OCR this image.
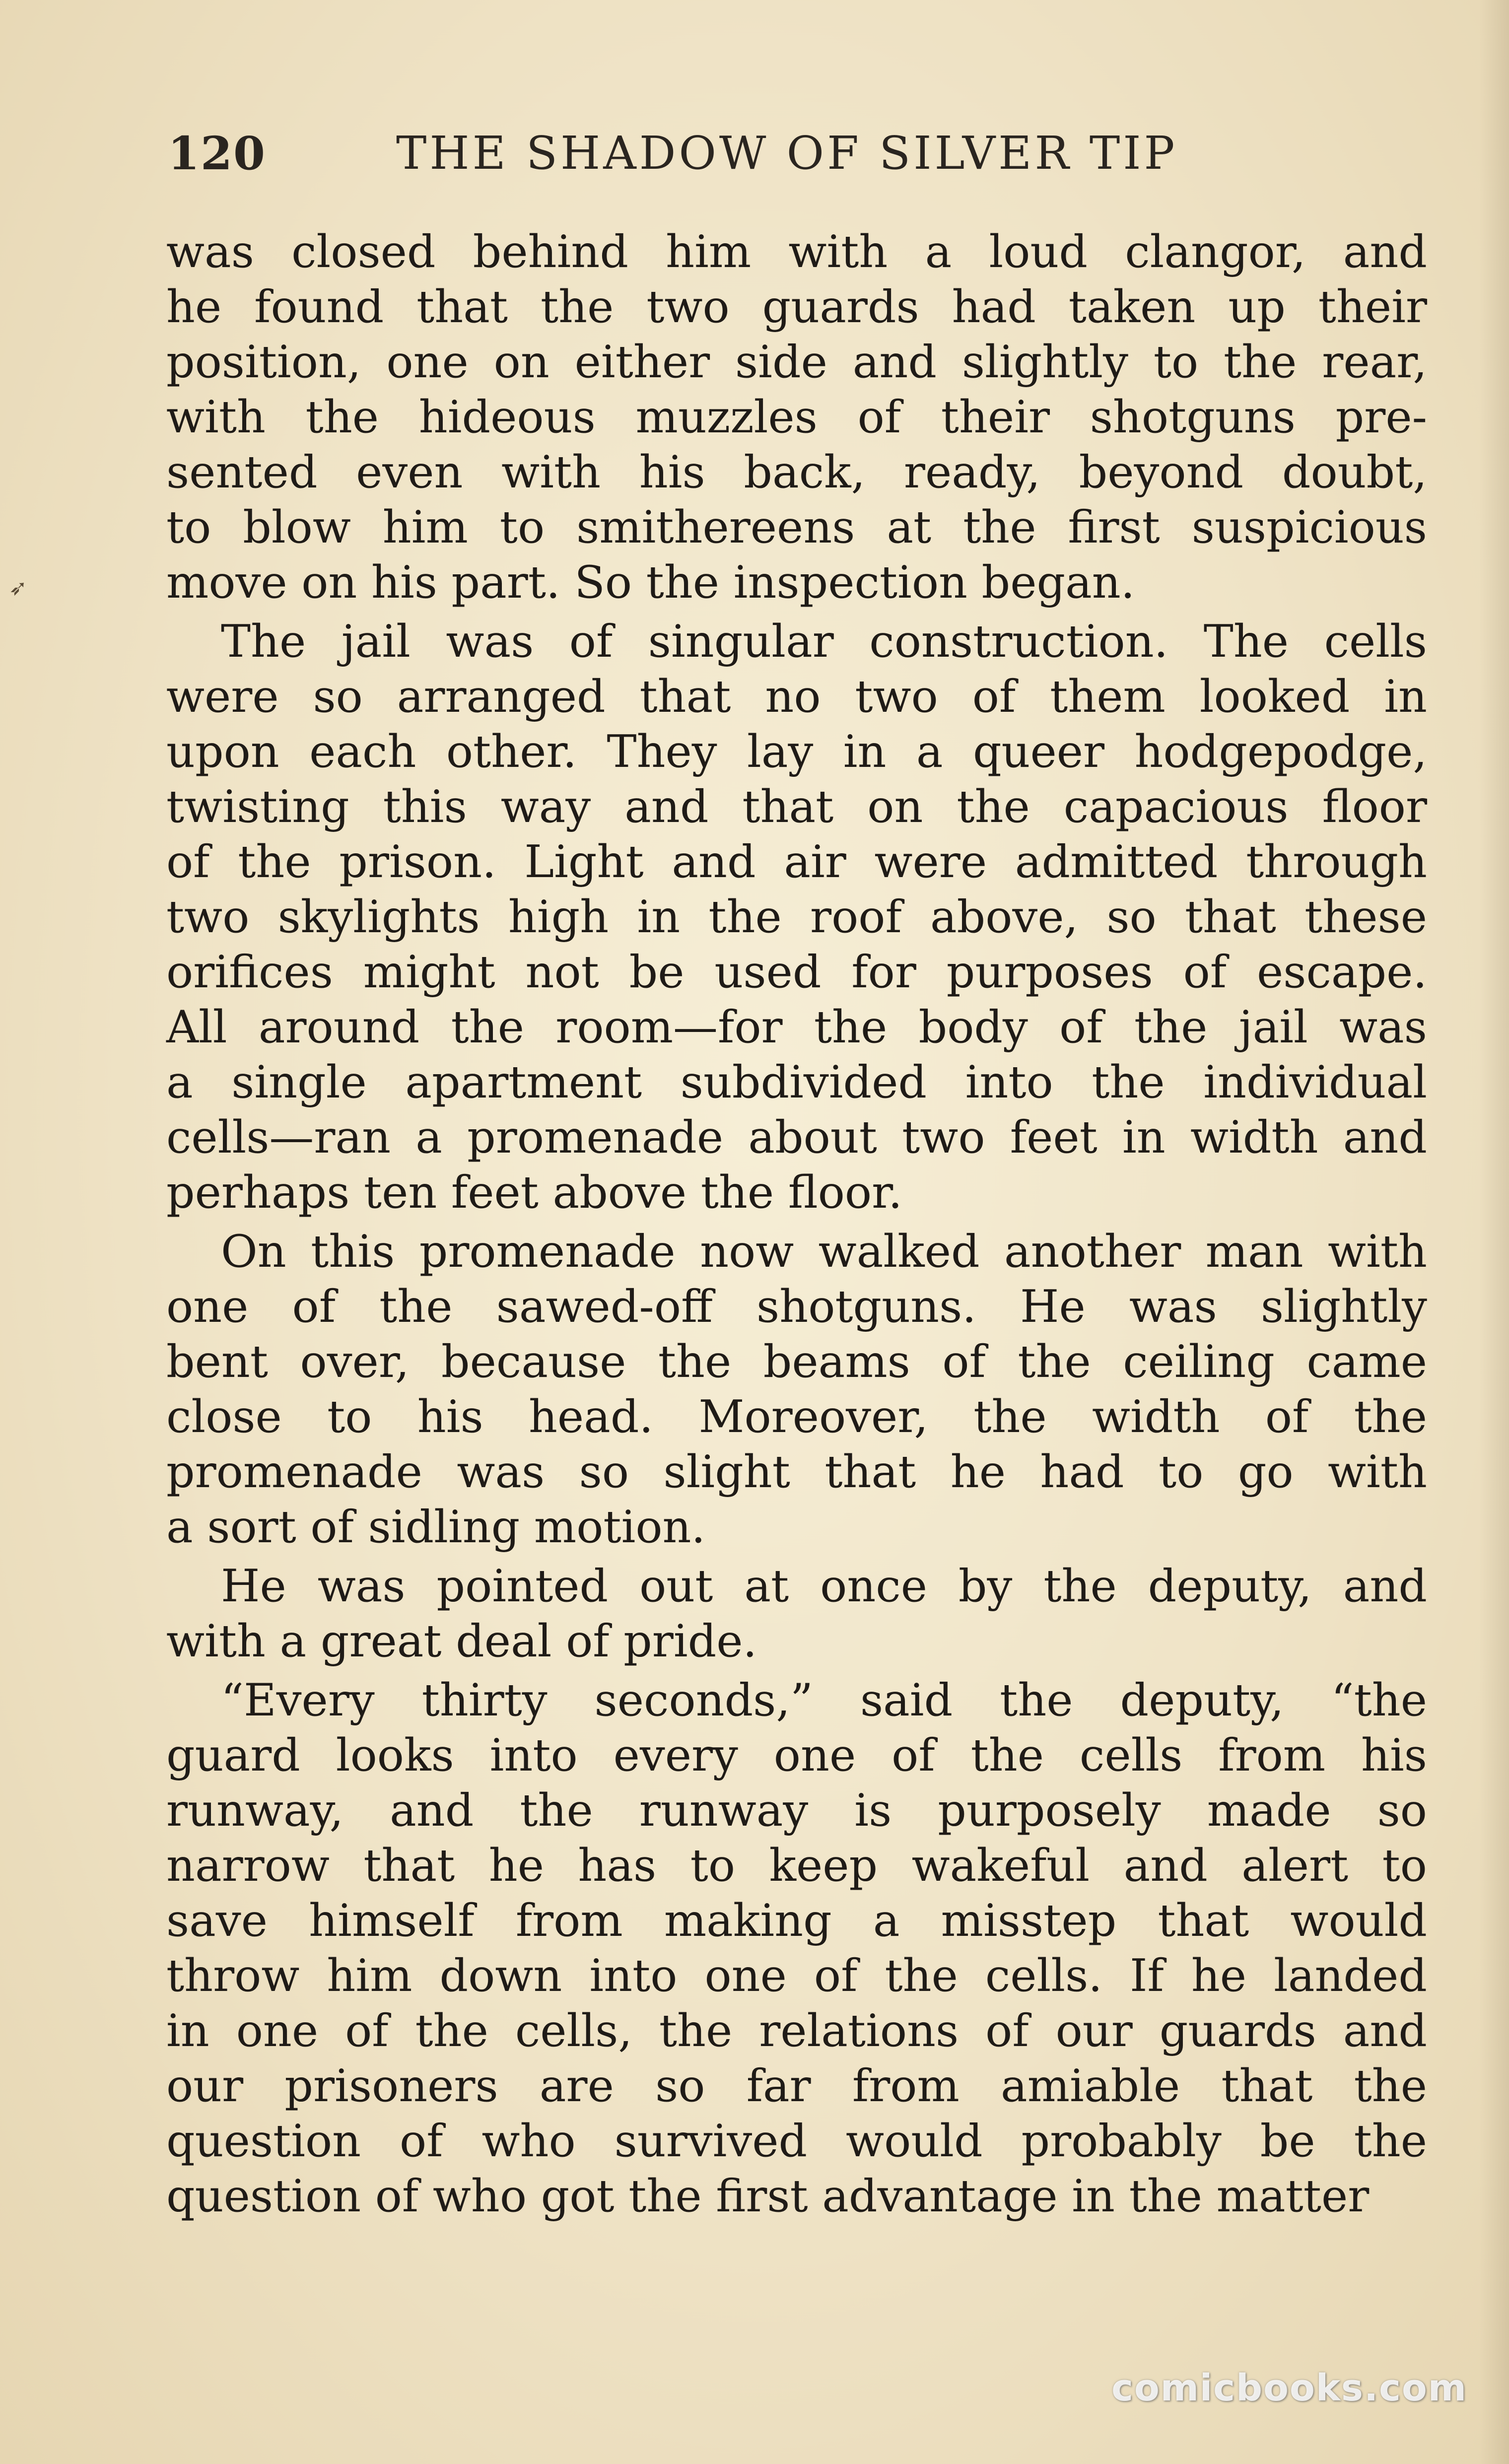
120	THE SHADOW OF SILVER TIP
➶
was closed behind him with a loud clangor, and
he found that the two guards had taken up their
position, one on either side and slightly to the rear,
with the hideous muzzles of their shotguns pre-
sented even with his back, ready, beyond doubt,
to blow him to smithereens at the first suspicious
move on his part. So the inspection began.
The jail was of singular construction. The cells
were so arranged that no two of them looked in
upon each other. They lay in a queer hodgepodge,
twisting this way and that on the capacious floor
of the prison. Light and air were admitted through
two skylights high in the roof above, so that these
orifices might not be used for purposes of escape.
All around the room—for the body of the jail was
a single apartment subdivided into the individual
cells—ran a promenade about two feet in width and
perhaps ten feet above the floor.
On this promenade now walked another man with
one of the sawed-off shotguns. He was slightly
bent over, because the beams of the ceiling came
close to his head. Moreover, the width of the
promenade was so slight that he had to go with
a sort of sidling motion.
He was pointed out at once by the deputy, and
with a great deal of pride.
“Every thirty seconds,” said the deputy, “the
guard looks into every one of the cells from his
runway, and the runway is purposely made so
narrow that he has to keep wakeful and alert to
save himself from making a misstep that would
throw him down into one of the cells. If he landed
in one of the cells, the relations of our guards and
our prisoners are so far from amiable that the
question of who survived would probably be the
question of who got the first advantage in the matter
comicbooks.com
